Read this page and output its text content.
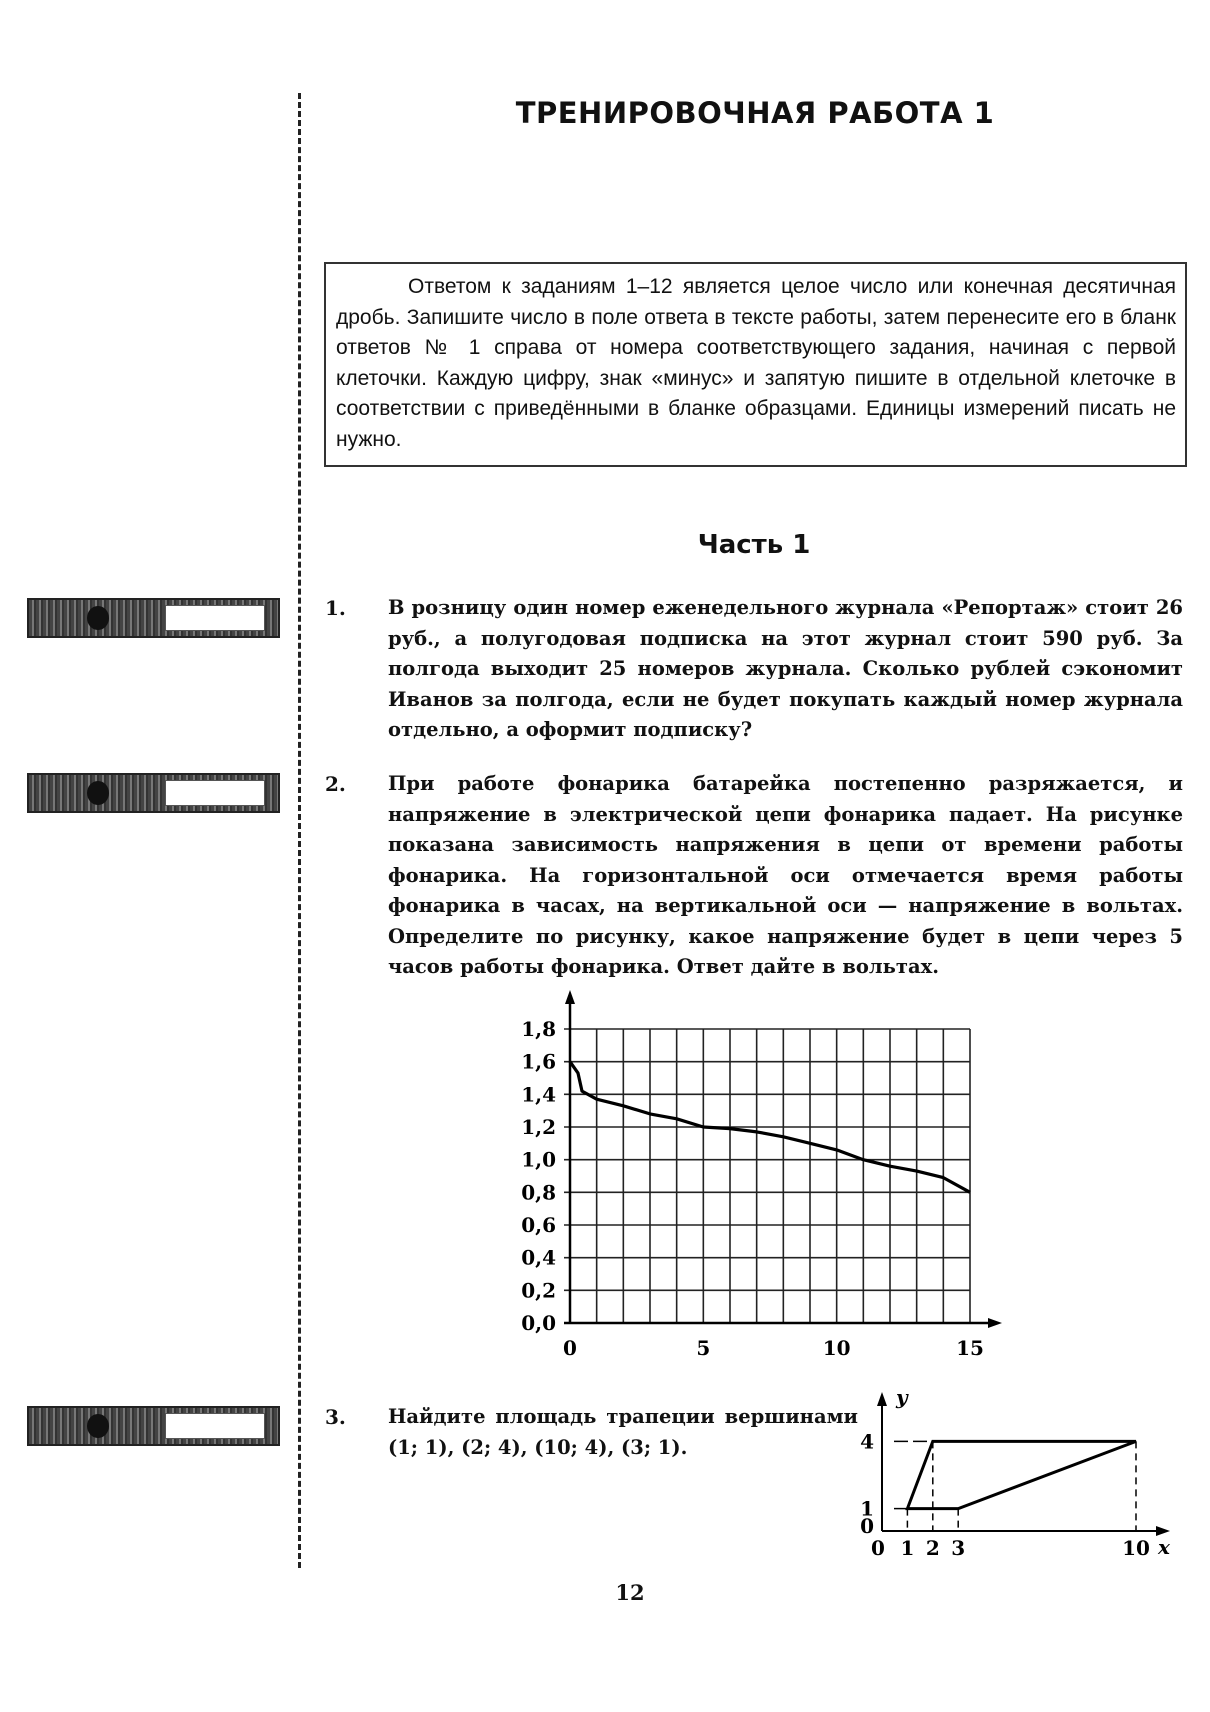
ТРЕНИРОВОЧНАЯ РАБОТА 1

Ответом к заданиям 1–12 является целое число или конечная десятичная дробь. Запишите число в поле ответа в тексте работы, затем перенесите его в бланк ответов № 1 справа от номера соответствующего задания, начиная с первой клеточки. Каждую цифру, знак «минус» и запятую пишите в отдельной клеточке в соответствии с приведёнными в бланке образцами. Единицы измерений писать не нужно.

Часть 1
1. В розницу один номер еженедельного журнала «Репортаж» стоит 26 руб., а полугодовая подписка на этот журнал стоит 590 руб. За полгода выходит 25 номеров журнала. Сколько рублей сэкономит Иванов за полгода, если не будет покупать каждый номер журнала отдельно, а оформит подписку?

2. При работе фонарика батарейка постепенно разряжается, и напряжение в электрической цепи фонарика падает. На рисунке показана зависимость напряжения в цепи от времени работы фонарика. На горизонтальной оси отмечается время работы фонарика в часах, на вертикальной оси — напряжение в вольтах. Определите по рисунку, какое напряжение будет в цепи через 5 часов работы фонарика. Ответ дайте в вольтах.

0,0
0,2
0,4
0,6
0,8
1,0
1,2
1,4
1,6
1,8
0	5	10	15
3. Найдите площадь трапеции вершинами (1; 1), (2; 4), (10; 4), (3; 1).

y
x
0 1 2 3	10
0
1
4
12
